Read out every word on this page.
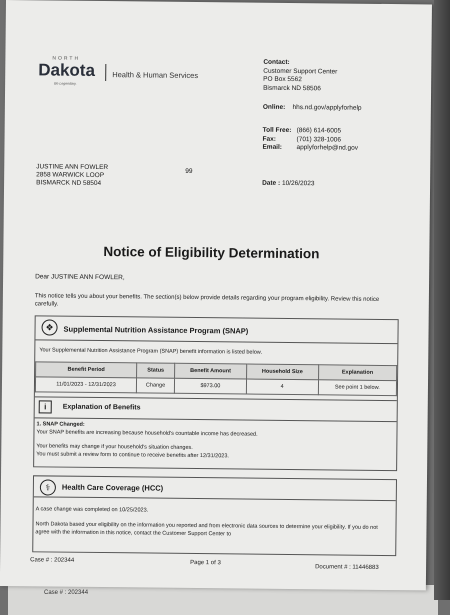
Case # : 202344
NORTH
Dakota
Be Legendary.
Health & Human Services
Contact:
Customer Support Center
PO Box 5562
Bismarck ND 58506
Online: hhs.nd.gov/applyforhelp
Toll Free: (866) 614-6005
Fax:	(701) 328-1006
Email:	applyforhelp@nd.gov
JUSTINE ANN FOWLER
2858 WARWICK LOOP
BISMARCK ND 58504
99
Date : 10/26/2023
Notice of Eligibility Determination
Dear JUSTINE ANN FOWLER,
This notice tells you about your benefits. The section(s) below provide details regarding your program eligibility. Review this notice carefully.
❖	Supplemental Nutrition Assistance Program (SNAP)
Your Supplemental Nutrition Assistance Program (SNAP) benefit information is listed below.
Benefit Period	Status	Benefit Amount	Household Size	Explanation
11/01/2023 - 12/31/2023	Change	$973.00	4	See point 1 below.
i	Explanation of Benefits
1. SNAP Changed:
Your SNAP benefits are increasing because household's countable income has decreased.
Your benefits may change if your household's situation changes.
You must submit a review form to continue to receive benefits after 12/31/2023.
⚕	Health Care Coverage (HCC)
A case change was completed on 10/25/2023.
North Dakota based your eligibility on the information you reported and from electronic data sources to determine your eligibility. If you do not agree with the information in this notice, contact the Customer Support Center to
Case # : 202344	Page 1 of 3
Document # : 11446883
